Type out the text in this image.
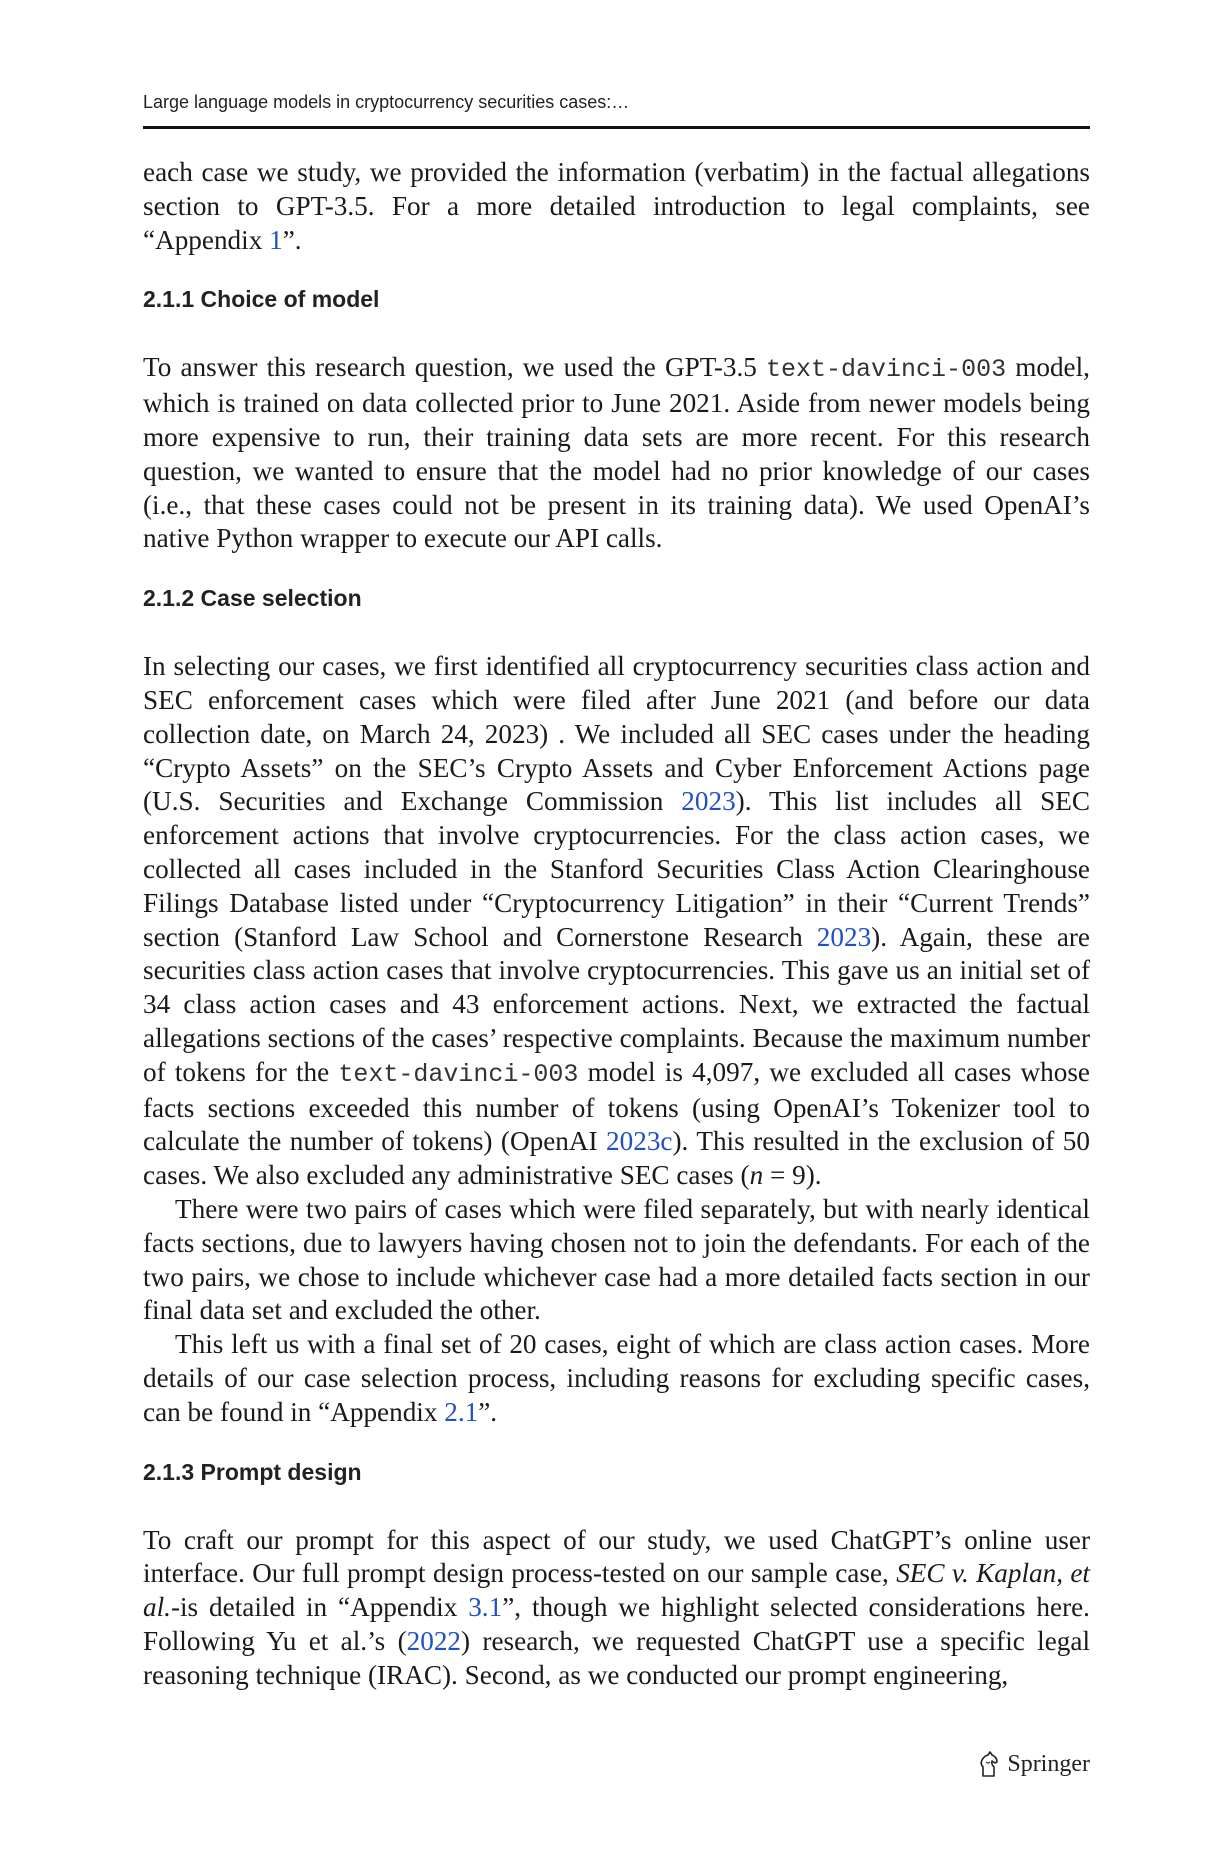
Large language models in cryptocurrency securities cases:…

each case we study, we provided the information (verbatim) in the factual allegations section to GPT-3.5. For a more detailed introduction to legal complaints, see “Appendix 1”.

2.1.1 Choice of model

To answer this research question, we used the GPT-3.5 text-davinci-003 model, which is trained on data collected prior to June 2021. Aside from newer models being more expensive to run, their training data sets are more recent. For this research question, we wanted to ensure that the model had no prior knowledge of our cases (i.e., that these cases could not be present in its training data). We used OpenAI’s native Python wrapper to execute our API calls.

2.1.2 Case selection

In selecting our cases, we first identified all cryptocurrency securities class action and SEC enforcement cases which were filed after June 2021 (and before our data collection date, on March 24, 2023) . We included all SEC cases under the heading “Crypto Assets” on the SEC’s Crypto Assets and Cyber Enforcement Actions page (U.S. Securities and Exchange Commission 2023). This list includes all SEC enforcement actions that involve cryptocurrencies. For the class action cases, we collected all cases included in the Stanford Securities Class Action Clearinghouse Filings Database listed under “Cryptocurrency Litigation” in their “Current Trends” section (Stanford Law School and Cornerstone Research 2023). Again, these are securities class action cases that involve cryptocurrencies. This gave us an initial set of 34 class action cases and 43 enforcement actions. Next, we extracted the factual allegations sections of the cases’ respective complaints. Because the maximum number of tokens for the text-davinci-003 model is 4,097, we excluded all cases whose facts sections exceeded this number of tokens (using OpenAI’s Tokenizer tool to calculate the number of tokens) (OpenAI 2023c). This resulted in the exclusion of 50 cases. We also excluded any administrative SEC cases (n = 9).

There were two pairs of cases which were filed separately, but with nearly identical facts sections, due to lawyers having chosen not to join the defendants. For each of the two pairs, we chose to include whichever case had a more detailed facts section in our final data set and excluded the other.

This left us with a final set of 20 cases, eight of which are class action cases. More details of our case selection process, including reasons for excluding specific cases, can be found in “Appendix 2.1”.

2.1.3 Prompt design

To craft our prompt for this aspect of our study, we used ChatGPT’s online user interface. Our full prompt design process-tested on our sample case, SEC v. Kaplan, et al.-is detailed in “Appendix 3.1”, though we highlight selected considerations here. Following Yu et al.’s (2022) research, we requested ChatGPT use a specific legal reasoning technique (IRAC). Second, as we conducted our prompt engineering,

Springer
